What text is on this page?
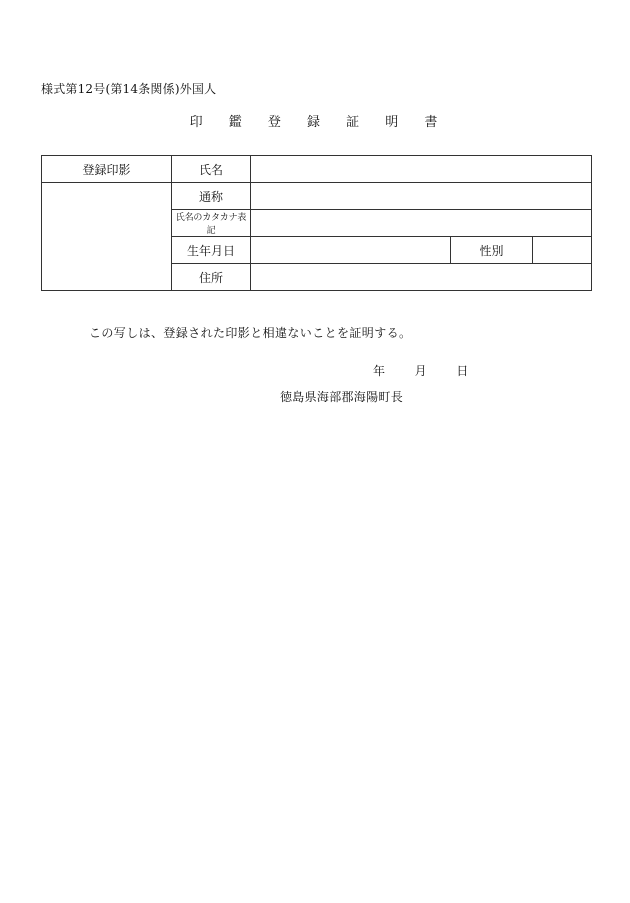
様式第12号(第14条関係)外国人
印 鑑 登 録 証 明 書
登録印影	氏名			
	通称			
	氏名のカタカナ表記			
	生年月日		性別	
	住所			
この写しは、登録された印影と相違ないことを証明する。
年 月 日
徳島県海部郡海陽町長
